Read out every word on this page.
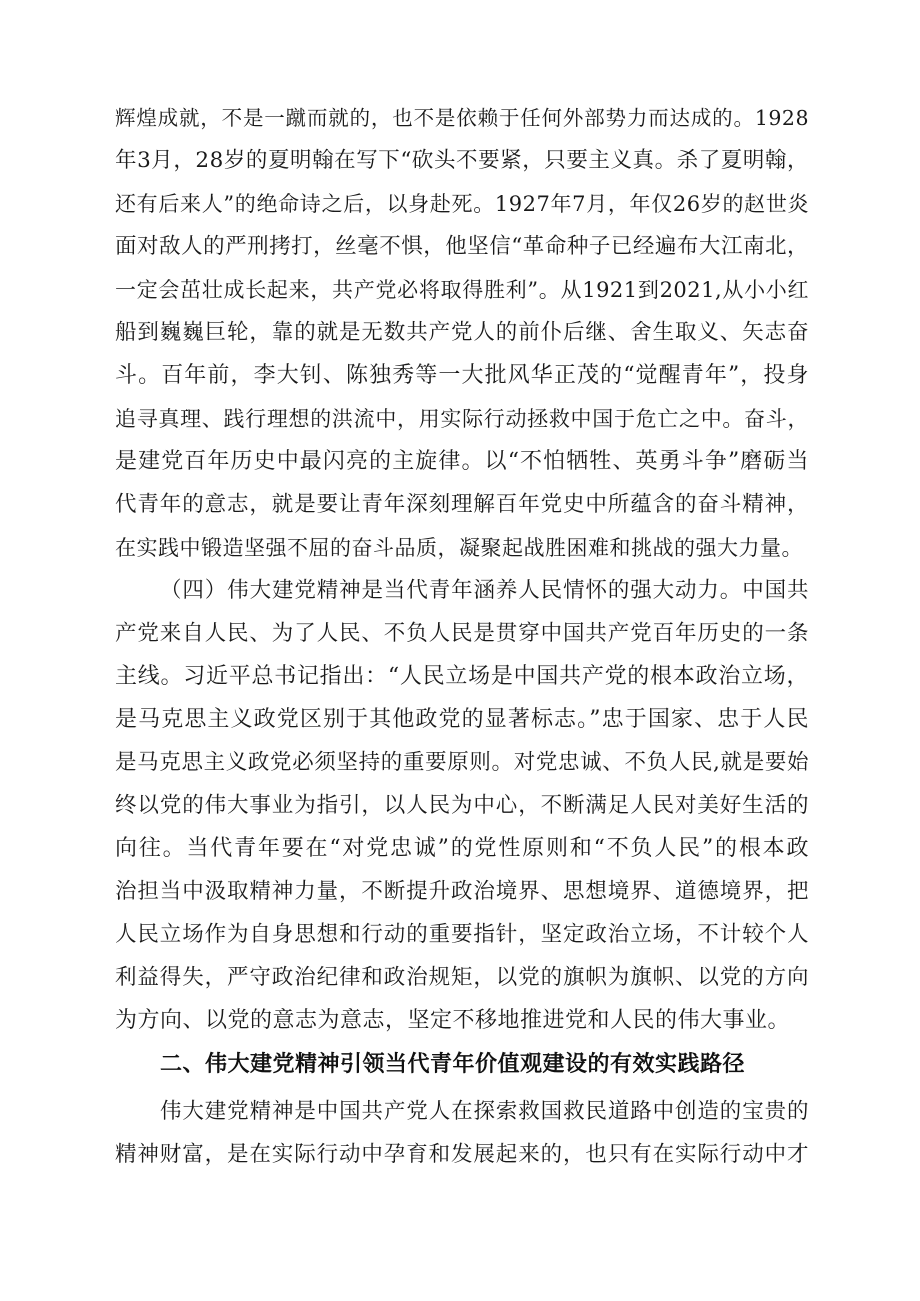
辉煌成就，不是一蹴而就的，也不是依赖于任何外部势力而达成的。1928
年3月，28岁的夏明翰在写下“砍头不要紧，只要主义真。杀了夏明翰，
还有后来人”的绝命诗之后，以身赴死。1927年7月，年仅26岁的赵世炎
面对敌人的严刑拷打，丝毫不惧，他坚信“革命种子已经遍布大江南北，
一定会茁壮成长起来，共产党必将取得胜利”。从1921到2021,从小小红
船到巍巍巨轮，靠的就是无数共产党人的前仆后继、舍生取义、矢志奋
斗。百年前，李大钊、陈独秀等一大批风华正茂的“觉醒青年”，投身
追寻真理、践行理想的洪流中，用实际行动拯救中国于危亡之中。奋斗，
是建党百年历史中最闪亮的主旋律。以“不怕牺牲、英勇斗争”磨砺当
代青年的意志，就是要让青年深刻理解百年党史中所蕴含的奋斗精神，
在实践中锻造坚强不屈的奋斗品质，凝聚起战胜困难和挑战的强大力量。
（四）伟大建党精神是当代青年涵养人民情怀的强大动力。中国共
产党来自人民、为了人民、不负人民是贯穿中国共产党百年历史的一条
主线。习近平总书记指出：“人民立场是中国共产党的根本政治立场，
是马克思主义政党区别于其他政党的显著标志。”忠于国家、忠于人民
是马克思主义政党必须坚持的重要原则。对党忠诚、不负人民,就是要始
终以党的伟大事业为指引，以人民为中心，不断满足人民对美好生活的
向往。当代青年要在“对党忠诚”的党性原则和“不负人民”的根本政
治担当中汲取精神力量，不断提升政治境界、思想境界、道德境界，把
人民立场作为自身思想和行动的重要指针，坚定政治立场，不计较个人
利益得失，严守政治纪律和政治规矩，以党的旗帜为旗帜、以党的方向
为方向、以党的意志为意志，坚定不移地推进党和人民的伟大事业。
二、伟大建党精神引领当代青年价值观建设的有效实践路径
伟大建党精神是中国共产党人在探索救国救民道路中创造的宝贵的
精神财富，是在实际行动中孕育和发展起来的，也只有在实际行动中才
